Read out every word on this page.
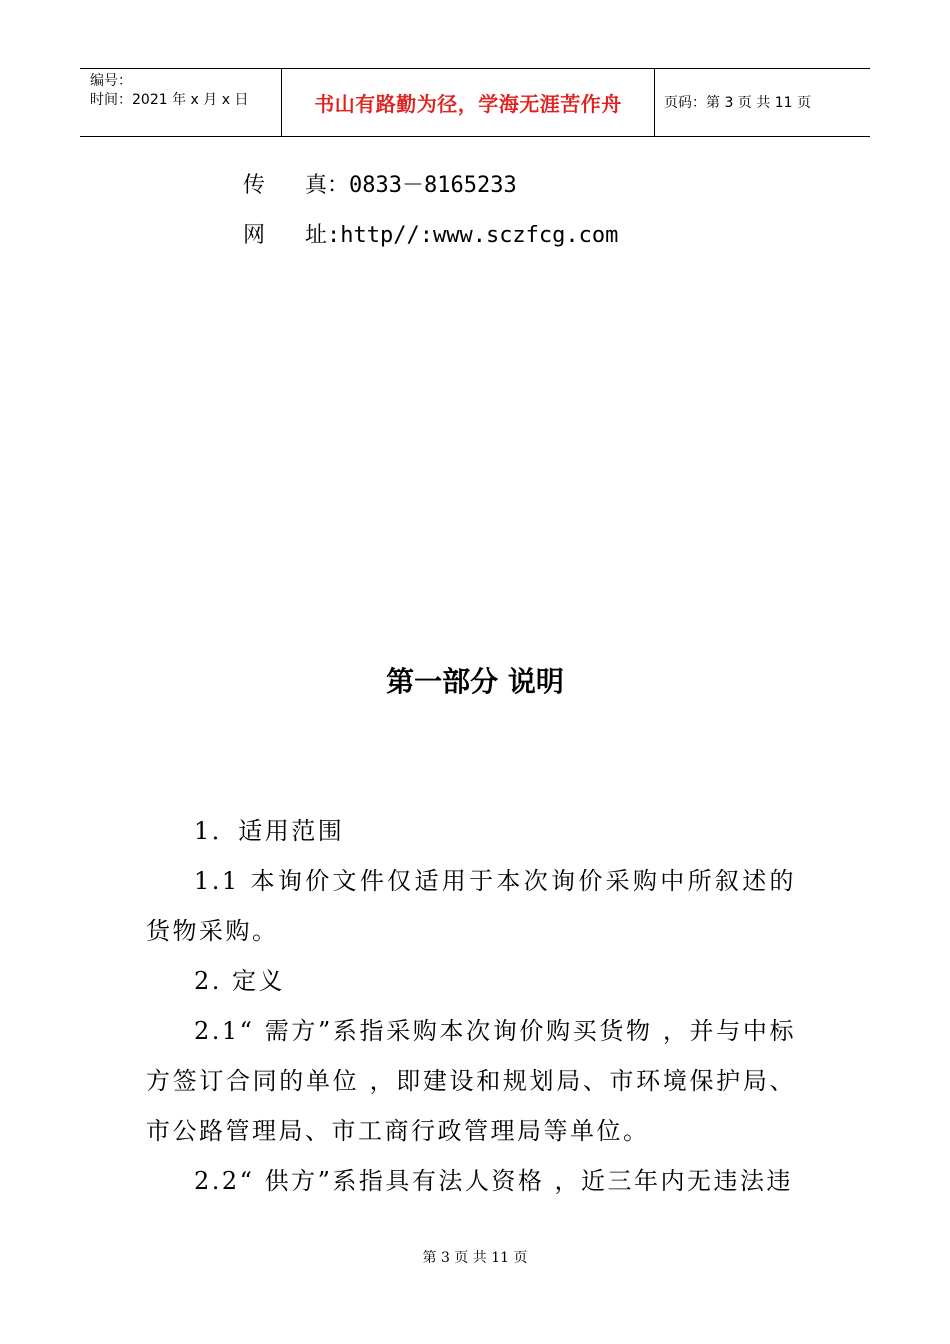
编号：
时间：2021 年 x 月 x 日	书山有路勤为径，学海无涯苦作舟	页码：第 3 页 共 11 页
传 真：0833－8165233
网 址:http//:www.sczfcg.com
第一部分 说明

1．适用范围

1.1 本询价文件仅适用于本次询价采购中所叙述的货物采购。

2. 定义

2.1“ 需方”系指采购本次询价购买货物 ，并与中标方签订合同的单位 ，即建设和规划局、市环境保护局、市公路管理局、市工商行政管理局等单位。

2.2“ 供方”系指具有法人资格 ，近三年内无违法违

第 3 页 共 11 页
